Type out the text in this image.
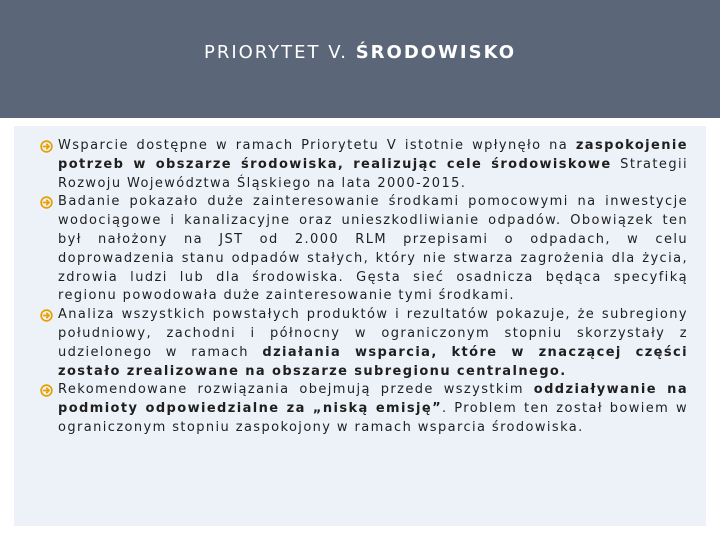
PRIORYTET V. ŚRODOWISKO
Wsparcie dostępne w ramach Priorytetu V istotnie wpłynęło na zaspokojenie potrzeb w obszarze środowiska, realizując cele środowiskowe Strategii Rozwoju Województwa Śląskiego na lata 2000-2015.
Badanie pokazało duże zainteresowanie środkami pomocowymi na inwestycje wodociągowe i kanalizacyjne oraz unieszkodliwianie odpadów. Obowiązek ten był nałożony na JST od 2.000 RLM przepisami o odpadach, w celu doprowadzenia stanu odpadów stałych, który nie stwarza zagrożenia dla życia, zdrowia ludzi lub dla środowiska. Gęsta sieć osadnicza będąca specyfiką regionu powodowała duże zainteresowanie tymi środkami.
Analiza wszystkich powstałych produktów i rezultatów pokazuje, że subregiony południowy, zachodni i północny w ograniczonym stopniu skorzystały z udzielonego w ramach działania wsparcia, które w znaczącej części zostało zrealizowane na obszarze subregionu centralnego.
Rekomendowane rozwiązania obejmują przede wszystkim oddziaływanie na podmioty odpowiedzialne za „niską emisję”. Problem ten został bowiem w ograniczonym stopniu zaspokojony w ramach wsparcia środowiska.
